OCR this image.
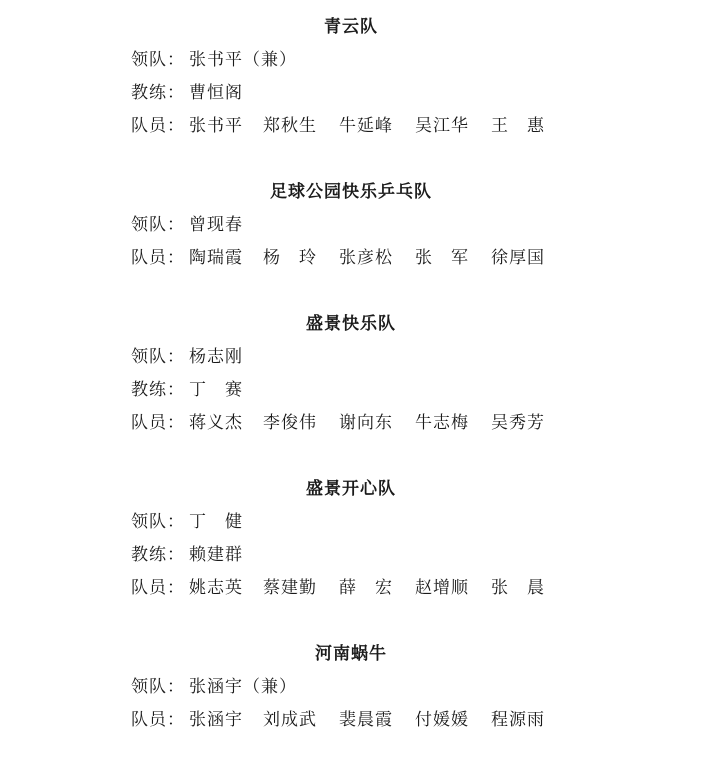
青云队
领队： 张书平（兼）
教练： 曹恒阁
队员： 张书平 郑秋生 牛延峰 吴江华 王　惠
足球公园快乐乒乓队
领队： 曾现春
队员： 陶瑞霞 杨　玲 张彦松 张　军 徐厚国
盛景快乐队
领队： 杨志刚
教练： 丁　赛
队员： 蒋义杰 李俊伟 谢向东 牛志梅 吴秀芳
盛景开心队
领队： 丁　健
教练： 赖建群
队员： 姚志英 蔡建勤 薛　宏 赵增顺 张　晨
河南蜗牛
领队： 张涵宇（兼）
队员： 张涵宇 刘成武 裴晨霞 付媛媛 程源雨
